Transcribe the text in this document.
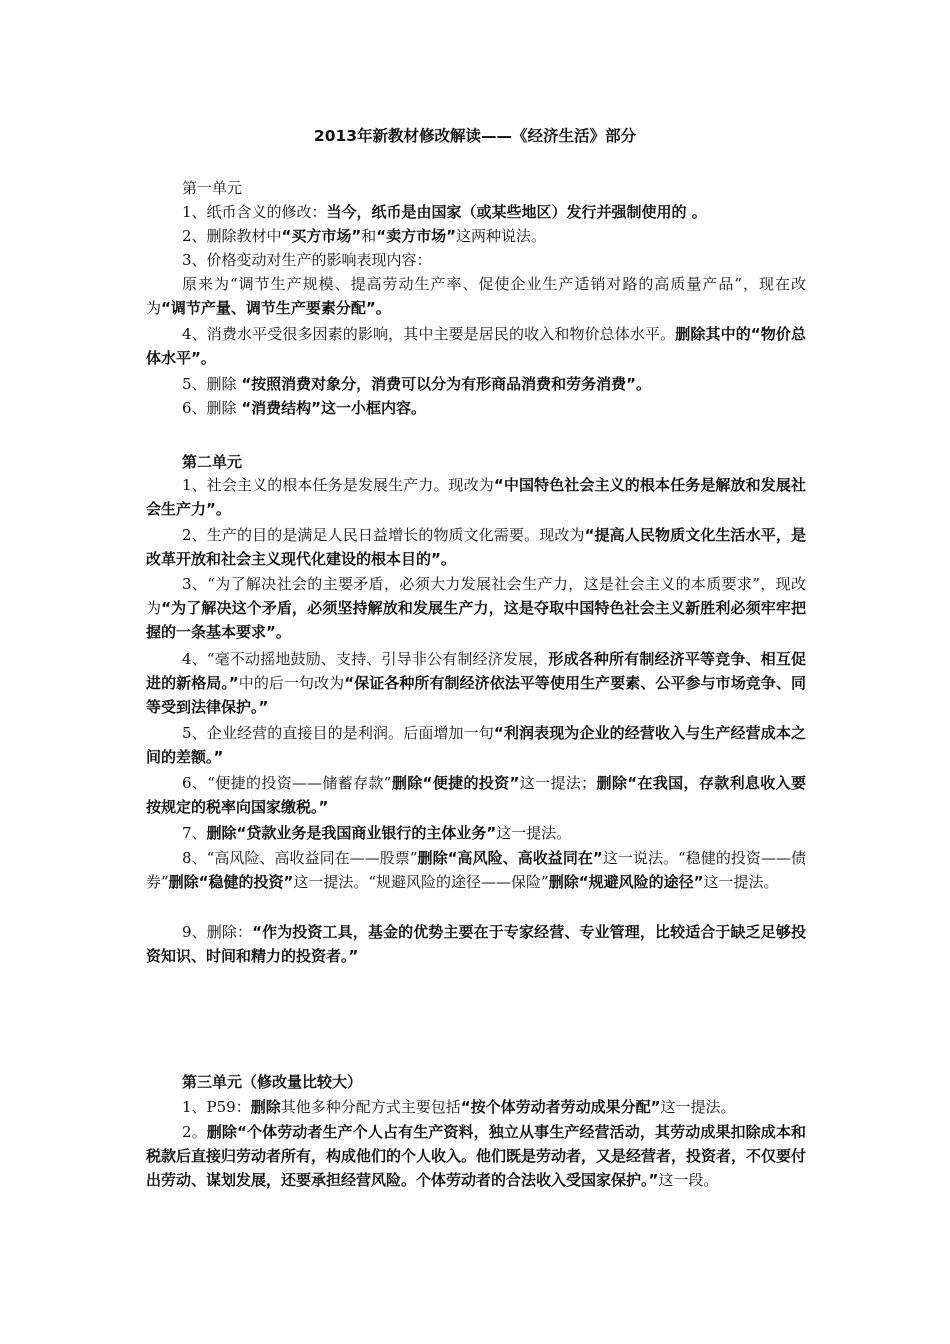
2013年新教材修改解读——《经济生活》部分
第一单元
1、纸币含义的修改：当今，纸币是由国家（或某些地区）发行并强制使用的 。
2、删除教材中“买方市场”和“卖方市场”这两种说法。
3、价格变动对生产的影响表现内容：
原来为“调节生产规模、提高劳动生产率、促使企业生产适销对路的高质量产品”，现在改为“调节产量、调节生产要素分配”。
4、消费水平受很多因素的影响，其中主要是居民的收入和物价总体水平。删除其中的“物价总体水平”。
5、删除 “按照消费对象分，消费可以分为有形商品消费和劳务消费”。
6、删除 “消费结构”这一小框内容。
第二单元
1、社会主义的根本任务是发展生产力。现改为“中国特色社会主义的根本任务是解放和发展社会生产力”。
2、生产的目的是满足人民日益增长的物质文化需要。现改为“提高人民物质文化生活水平，是改革开放和社会主义现代化建设的根本目的”。
3、“为了解决社会的主要矛盾，必须大力发展社会生产力，这是社会主义的本质要求”，现改为“为了解决这个矛盾，必须坚持解放和发展生产力，这是夺取中国特色社会主义新胜利必须牢牢把握的一条基本要求”。
4、“毫不动摇地鼓励、支持、引导非公有制经济发展，形成各种所有制经济平等竞争、相互促进的新格局。”中的后一句改为“保证各种所有制经济依法平等使用生产要素、公平参与市场竞争、同等受到法律保护。”
5、企业经营的直接目的是利润。后面增加一句“利润表现为企业的经营收入与生产经营成本之间的差额。”
6、“便捷的投资——储蓄存款”删除“便捷的投资”这一提法；删除“在我国，存款利息收入要按规定的税率向国家缴税。”
7、删除“贷款业务是我国商业银行的主体业务”这一提法。
8、“高风险、高收益同在——股票”删除“高风险、高收益同在”这一说法。“稳健的投资——债券”删除“稳健的投资”这一提法。“规避风险的途径——保险”删除“规避风险的途径”这一提法。
9、删除：“作为投资工具，基金的优势主要在于专家经营、专业管理，比较适合于缺乏足够投资知识、时间和精力的投资者。”
第三单元（修改量比较大）
1、P59：删除其他多种分配方式主要包括“按个体劳动者劳动成果分配”这一提法。
2。删除“个体劳动者生产个人占有生产资料，独立从事生产经营活动，其劳动成果扣除成本和税款后直接归劳动者所有，构成他们的个人收入。他们既是劳动者，又是经营者，投资者，不仅要付出劳动、谋划发展，还要承担经营风险。个体劳动者的合法收入受国家保护。”这一段。
